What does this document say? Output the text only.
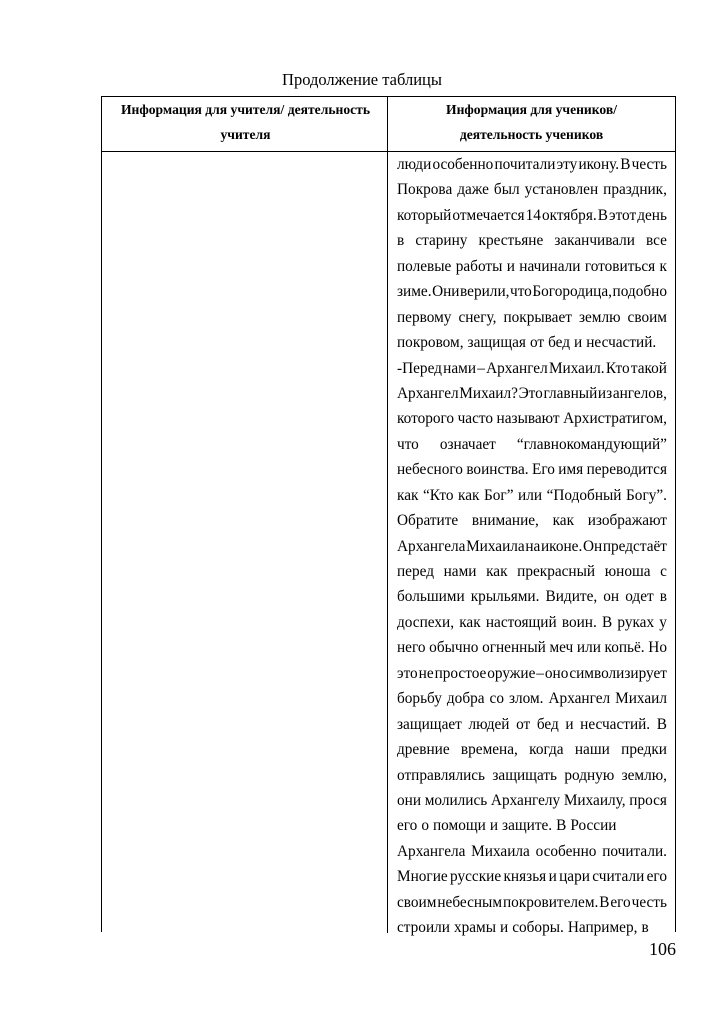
Продолжение таблицы
Информация для учителя/ деятельность
учителя
Информация для учеников/
деятельность учеников
люди особенно почитали эту икону. В честь
Покрова даже был установлен праздник,
который отмечается 14 октября. В этот день
в старину крестьяне заканчивали все
полевые работы и начинали готовиться к
зиме. Они верили, что Богородица, подобно
первому снегу, покрывает землю своим
покровом, защищая от бед и несчастий.
-Перед нами – Архангел Михаил. Кто такой
Архангел Михаил? Это главный из ангелов,
которого часто называют Архистратигом,
что означает “главнокомандующий”
небесного воинства. Его имя переводится
как “Кто как Бог” или “Подобный Богу”.
Обратите внимание, как изображают
Архангела Михаила на иконе. Он предстаёт
перед нами как прекрасный юноша с
большими крыльями. Видите, он одет в
доспехи, как настоящий воин. В руках у
него обычно огненный меч или копьё. Но
это не простое оружие – оно символизирует
борьбу добра со злом. Архангел Михаил
защищает людей от бед и несчастий. В
древние времена, когда наши предки
отправлялись защищать родную землю,
они молились Архангелу Михаилу, прося
его о помощи и защите. В России
Архангела Михаила особенно почитали.
Многие русские князья и цари считали его
своим небесным покровителем. В его честь
строили храмы и соборы. Например, в
106
